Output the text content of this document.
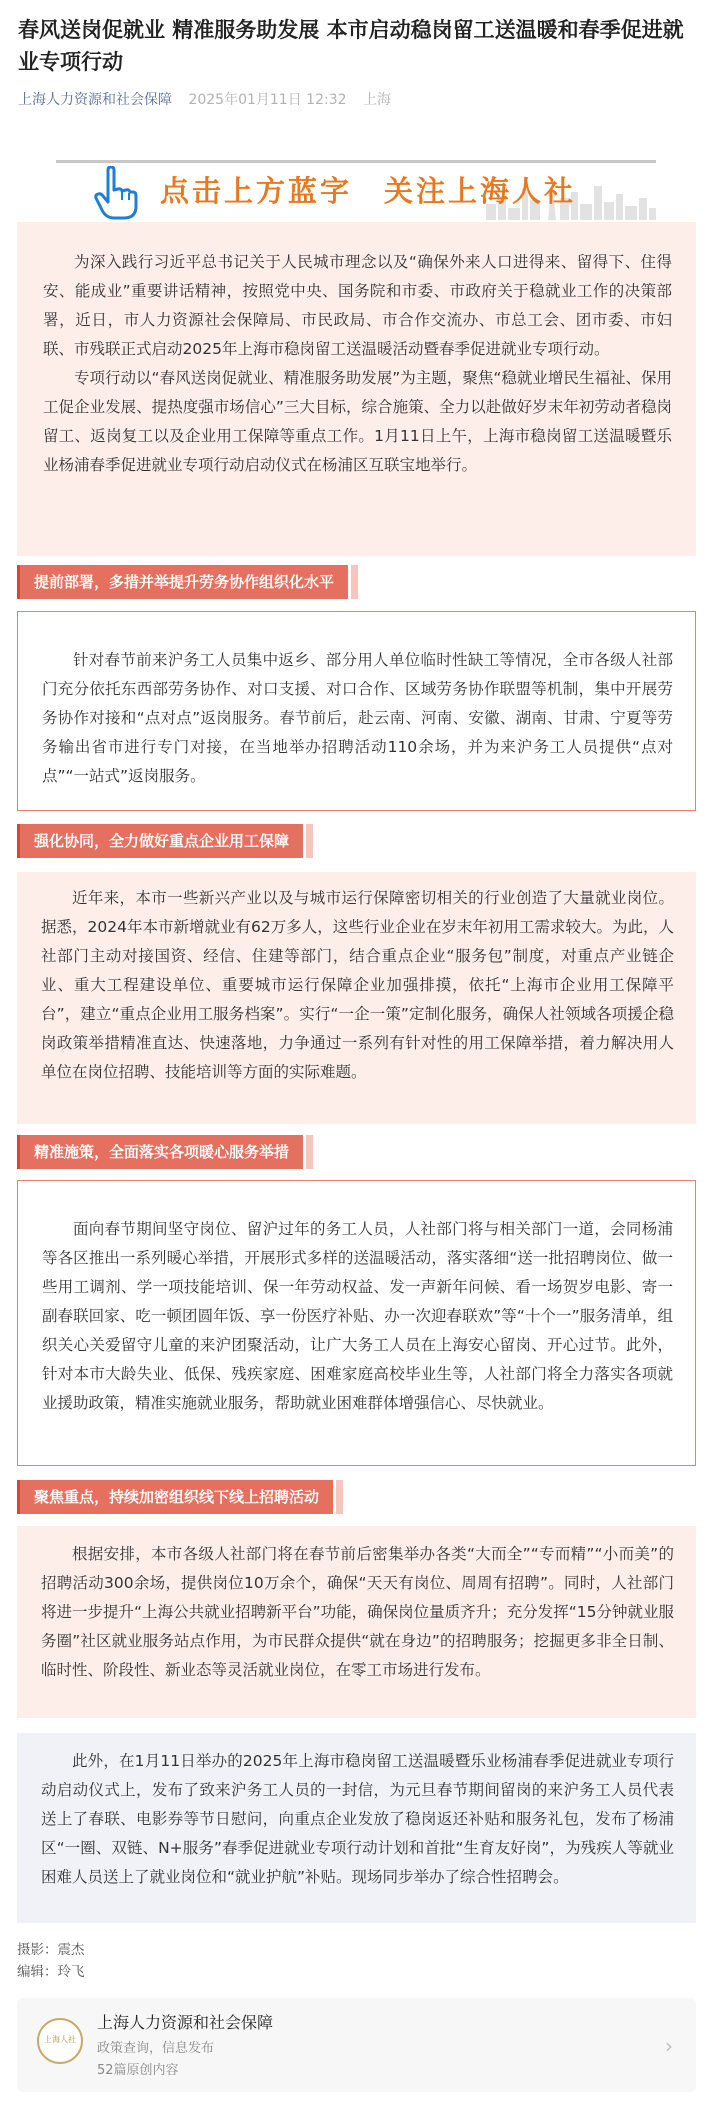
春风送岗促就业 精准服务助发展 本市启动稳岗留工送温暖和春季促进就业专项行动
上海人力资源和社会保障 2025年01月11日 12:32 上海
点击上方蓝字　关注上海人社

为深入践行习近平总书记关于人民城市理念以及“确保外来人口进得来、留得下、住得安、能成业”重要讲话精神，按照党中央、国务院和市委、市政府关于稳就业工作的决策部署，近日，市人力资源社会保障局、市民政局、市合作交流办、市总工会、团市委、市妇联、市残联正式启动2025年上海市稳岗留工送温暖活动暨春季促进就业专项行动。

专项行动以“春风送岗促就业、精准服务助发展”为主题，聚焦“稳就业增民生福祉、保用工促企业发展、提热度强市场信心”三大目标，综合施策、全力以赴做好岁末年初劳动者稳岗留工、返岗复工以及企业用工保障等重点工作。1月11日上午，上海市稳岗留工送温暖暨乐业杨浦春季促进就业专项行动启动仪式在杨浦区互联宝地举行。

提前部署，多措并举提升劳务协作组织化水平

针对春节前来沪务工人员集中返乡、部分用人单位临时性缺工等情况，全市各级人社部门充分依托东西部劳务协作、对口支援、对口合作、区域劳务协作联盟等机制，集中开展劳务协作对接和“点对点”返岗服务。春节前后，赴云南、河南、安徽、湖南、甘肃、宁夏等劳务输出省市进行专门对接，在当地举办招聘活动110余场，并为来沪务工人员提供“点对点”“一站式”返岗服务。

强化协同，全力做好重点企业用工保障

近年来，本市一些新兴产业以及与城市运行保障密切相关的行业创造了大量就业岗位。据悉，2024年本市新增就业有62万多人，这些行业企业在岁末年初用工需求较大。为此，人社部门主动对接国资、经信、住建等部门，结合重点企业“服务包”制度，对重点产业链企业、重大工程建设单位、重要城市运行保障企业加强排摸，依托“上海市企业用工保障平台”，建立“重点企业用工服务档案”。实行“一企一策”定制化服务，确保人社领域各项援企稳岗政策举措精准直达、快速落地，力争通过一系列有针对性的用工保障举措，着力解决用人单位在岗位招聘、技能培训等方面的实际难题。

精准施策，全面落实各项暖心服务举措

面向春节期间坚守岗位、留沪过年的务工人员，人社部门将与相关部门一道，会同杨浦等各区推出一系列暖心举措，开展形式多样的送温暖活动，落实落细“送一批招聘岗位、做一些用工调剂、学一项技能培训、保一年劳动权益、发一声新年问候、看一场贺岁电影、寄一副春联回家、吃一顿团圆年饭、享一份医疗补贴、办一次迎春联欢”等“十个一”服务清单，组织关心关爱留守儿童的来沪团聚活动，让广大务工人员在上海安心留岗、开心过节。此外，针对本市大龄失业、低保、残疾家庭、困难家庭高校毕业生等，人社部门将全力落实各项就业援助政策，精准实施就业服务，帮助就业困难群体增强信心、尽快就业。

聚焦重点，持续加密组织线下线上招聘活动

根据安排，本市各级人社部门将在春节前后密集举办各类“大而全”“专而精”“小而美”的招聘活动300余场，提供岗位10万余个，确保“天天有岗位、周周有招聘”。同时，人社部门将进一步提升“上海公共就业招聘新平台”功能，确保岗位量质齐升；充分发挥“15分钟就业服务圈”社区就业服务站点作用，为市民群众提供“就在身边”的招聘服务；挖掘更多非全日制、临时性、阶段性、新业态等灵活就业岗位，在零工市场进行发布。

此外，在1月11日举办的2025年上海市稳岗留工送温暖暨乐业杨浦春季促进就业专项行动启动仪式上，发布了致来沪务工人员的一封信，为元旦春节期间留岗的来沪务工人员代表送上了春联、电影券等节日慰问，向重点企业发放了稳岗返还补贴和服务礼包，发布了杨浦区“一圈、双链、N+服务”春季促进就业专项行动计划和首批“生育友好岗”，为残疾人等就业困难人员送上了就业岗位和“就业护航”补贴。现场同步举办了综合性招聘会。

摄影：震杰
编辑：玲飞
上海人社
上海人力资源和社会保障
政策查询，信息发布
52篇原创内容
›
